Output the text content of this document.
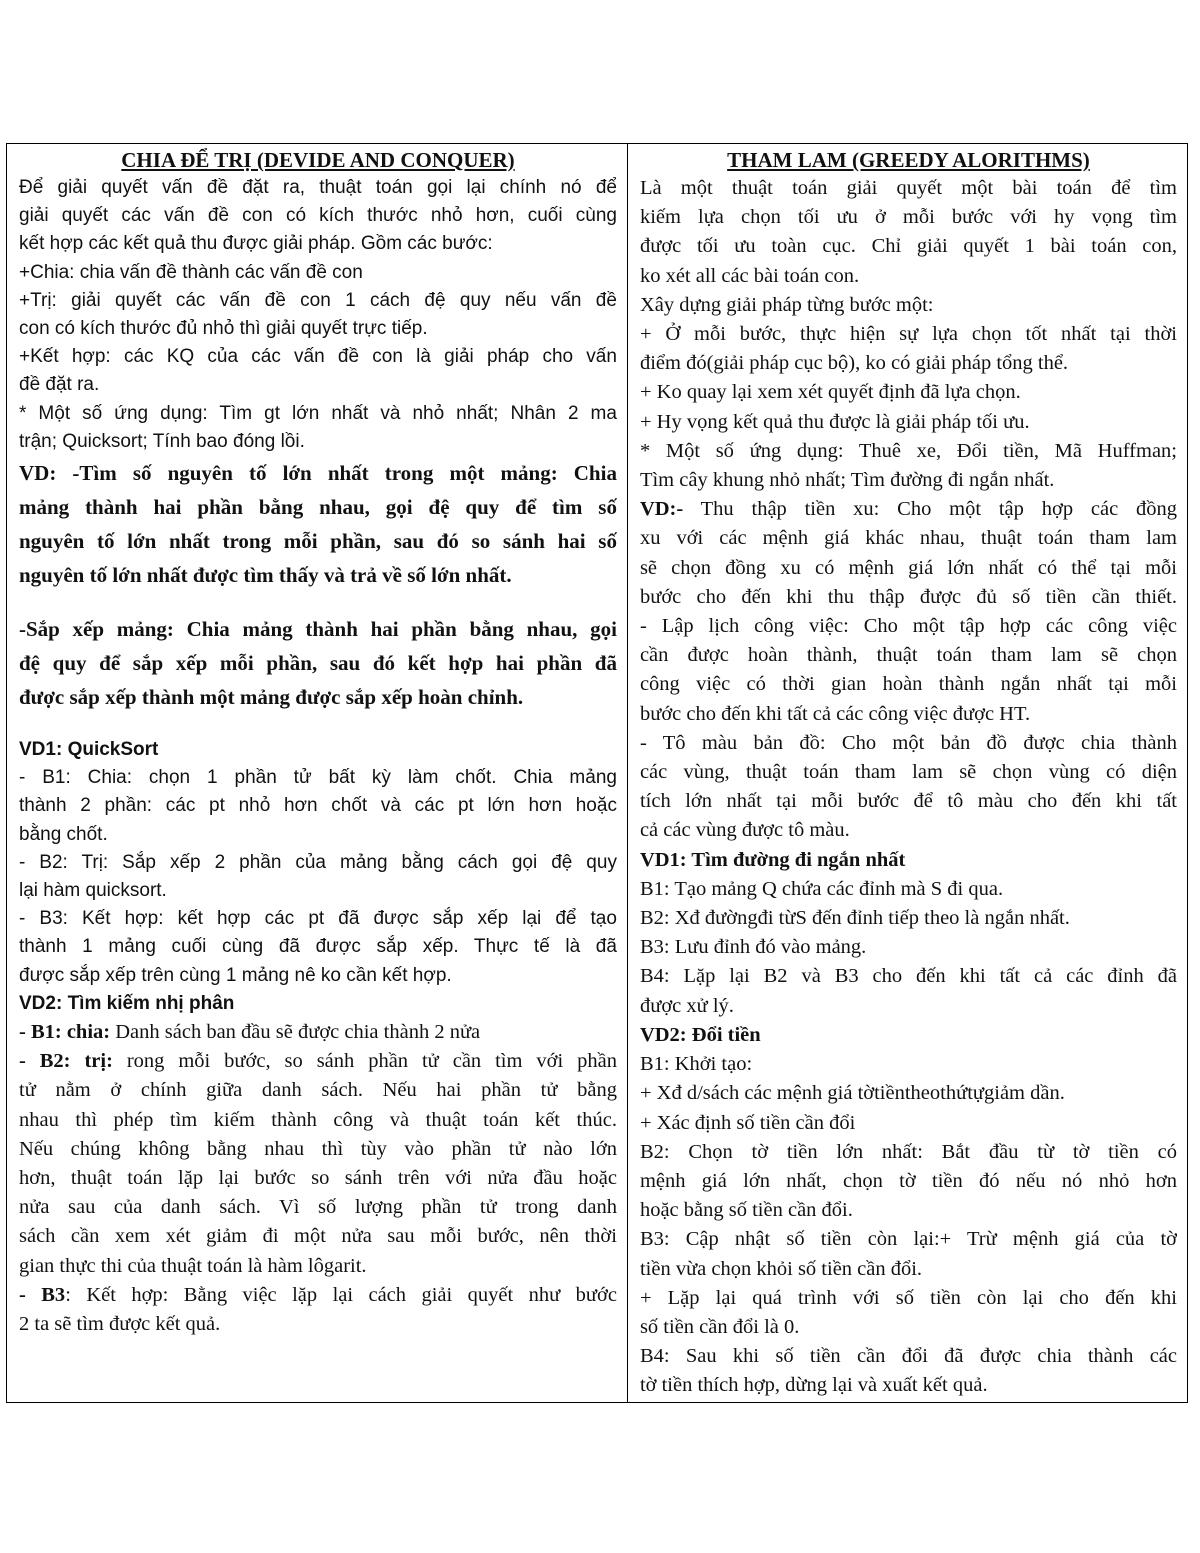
CHIA ĐỂ TRỊ (DEVIDE AND CONQUER)

Để giải quyết vấn đề đặt ra, thuật toán gọi lại chính nó để

giải quyết các vấn đề con có kích thước nhỏ hơn, cuối cùng

kết hợp các kết quả thu được giải pháp. Gồm các bước:

+Chia: chia vấn đề thành các vấn đề con

+Trị: giải quyết các vấn đề con 1 cách đệ quy nếu vấn đề

con có kích thước đủ nhỏ thì giải quyết trực tiếp.

+Kết hợp: các KQ của các vấn đề con là giải pháp cho vấn

đề đặt ra.

* Một số ứng dụng: Tìm gt lớn nhất và nhỏ nhất; Nhân 2 ma

trận; Quicksort; Tính bao đóng lồi.

VD: -Tìm số nguyên tố lớn nhất trong một mảng: Chia

mảng thành hai phần bằng nhau, gọi đệ quy để tìm số

nguyên tố lớn nhất trong mỗi phần, sau đó so sánh hai số

nguyên tố lớn nhất được tìm thấy và trả về số lớn nhất.

-Sắp xếp mảng: Chia mảng thành hai phần bằng nhau, gọi

đệ quy để sắp xếp mỗi phần, sau đó kết hợp hai phần đã

được sắp xếp thành một mảng được sắp xếp hoàn chỉnh.

VD1: QuickSort

- B1: Chia: chọn 1 phần tử bất kỳ làm chốt. Chia mảng

thành 2 phần: các pt nhỏ hơn chốt và các pt lớn hơn hoặc

bằng chốt.

- B2: Trị: Sắp xếp 2 phần của mảng bằng cách gọi đệ quy

lại hàm quicksort.

- B3: Kết hợp: kết hợp các pt đã được sắp xếp lại để tạo

thành 1 mảng cuối cùng đã được sắp xếp. Thực tế là đã

được sắp xếp trên cùng 1 mảng nê ko cần kết hợp.

VD2: Tìm kiếm nhị phân

- B1: chia: Danh sách ban đầu sẽ được chia thành 2 nửa

- B2: trị: rong mỗi bước, so sánh phần tử cần tìm với phần

tử nằm ở chính giữa danh sách. Nếu hai phần tử bằng

nhau thì phép tìm kiếm thành công và thuật toán kết thúc.

Nếu chúng không bằng nhau thì tùy vào phần tử nào lớn

hơn, thuật toán lặp lại bước so sánh trên với nửa đầu hoặc

nửa sau của danh sách. Vì số lượng phần tử trong danh

sách cần xem xét giảm đi một nửa sau mỗi bước, nên thời

gian thực thi của thuật toán là hàm lôgarit.

- B3: Kết hợp: Bằng việc lặp lại cách giải quyết như bước

2 ta sẽ tìm được kết quả.

THAM LAM (GREEDY ALORITHMS)

Là một thuật toán giải quyết một bài toán để tìm

kiếm lựa chọn tối ưu ở mỗi bước với hy vọng tìm

được tối ưu toàn cục. Chỉ giải quyết 1 bài toán con,

ko xét all các bài toán con.

Xây dựng giải pháp từng bước một:

+ Ở mỗi bước, thực hiện sự lựa chọn tốt nhất tại thời

điểm đó(giải pháp cục bộ), ko có giải pháp tổng thể.

+ Ko quay lại xem xét quyết định đã lựa chọn.

+ Hy vọng kết quả thu được là giải pháp tối ưu.

* Một số ứng dụng: Thuê xe, Đổi tiền, Mã Huffman;

Tìm cây khung nhỏ nhất; Tìm đường đi ngắn nhất.

VD:- Thu thập tiền xu: Cho một tập hợp các đồng

xu với các mệnh giá khác nhau, thuật toán tham lam

sẽ chọn đồng xu có mệnh giá lớn nhất có thể tại mỗi

bước cho đến khi thu thập được đủ số tiền cần thiết.

- Lập lịch công việc: Cho một tập hợp các công việc

cần được hoàn thành, thuật toán tham lam sẽ chọn

công việc có thời gian hoàn thành ngắn nhất tại mỗi

bước cho đến khi tất cả các công việc được HT.

- Tô màu bản đồ: Cho một bản đồ được chia thành

các vùng, thuật toán tham lam sẽ chọn vùng có diện

tích lớn nhất tại mỗi bước để tô màu cho đến khi tất

cả các vùng được tô màu.

VD1: Tìm đường đi ngắn nhất

B1: Tạo mảng Q chứa các đỉnh mà S đi qua.

B2: Xđ đườngđi từS đến đỉnh tiếp theo là ngắn nhất.

B3: Lưu đỉnh đó vào mảng.

B4: Lặp lại B2 và B3 cho đến khi tất cả các đỉnh đã

được xử lý.

VD2: Đổi tiền

B1: Khởi tạo:

+ Xđ d/sách các mệnh giá tờtiềntheothứtựgiảm dần.

+ Xác định số tiền cần đổi

B2: Chọn tờ tiền lớn nhất: Bắt đầu từ tờ tiền có

mệnh giá lớn nhất, chọn tờ tiền đó nếu nó nhỏ hơn

hoặc bằng số tiền cần đổi.

B3: Cập nhật số tiền còn lại:+ Trừ mệnh giá của tờ

tiền vừa chọn khỏi số tiền cần đổi.

+ Lặp lại quá trình với số tiền còn lại cho đến khi

số tiền cần đổi là 0.

B4: Sau khi số tiền cần đổi đã được chia thành các

tờ tiền thích hợp, dừng lại và xuất kết quả.
